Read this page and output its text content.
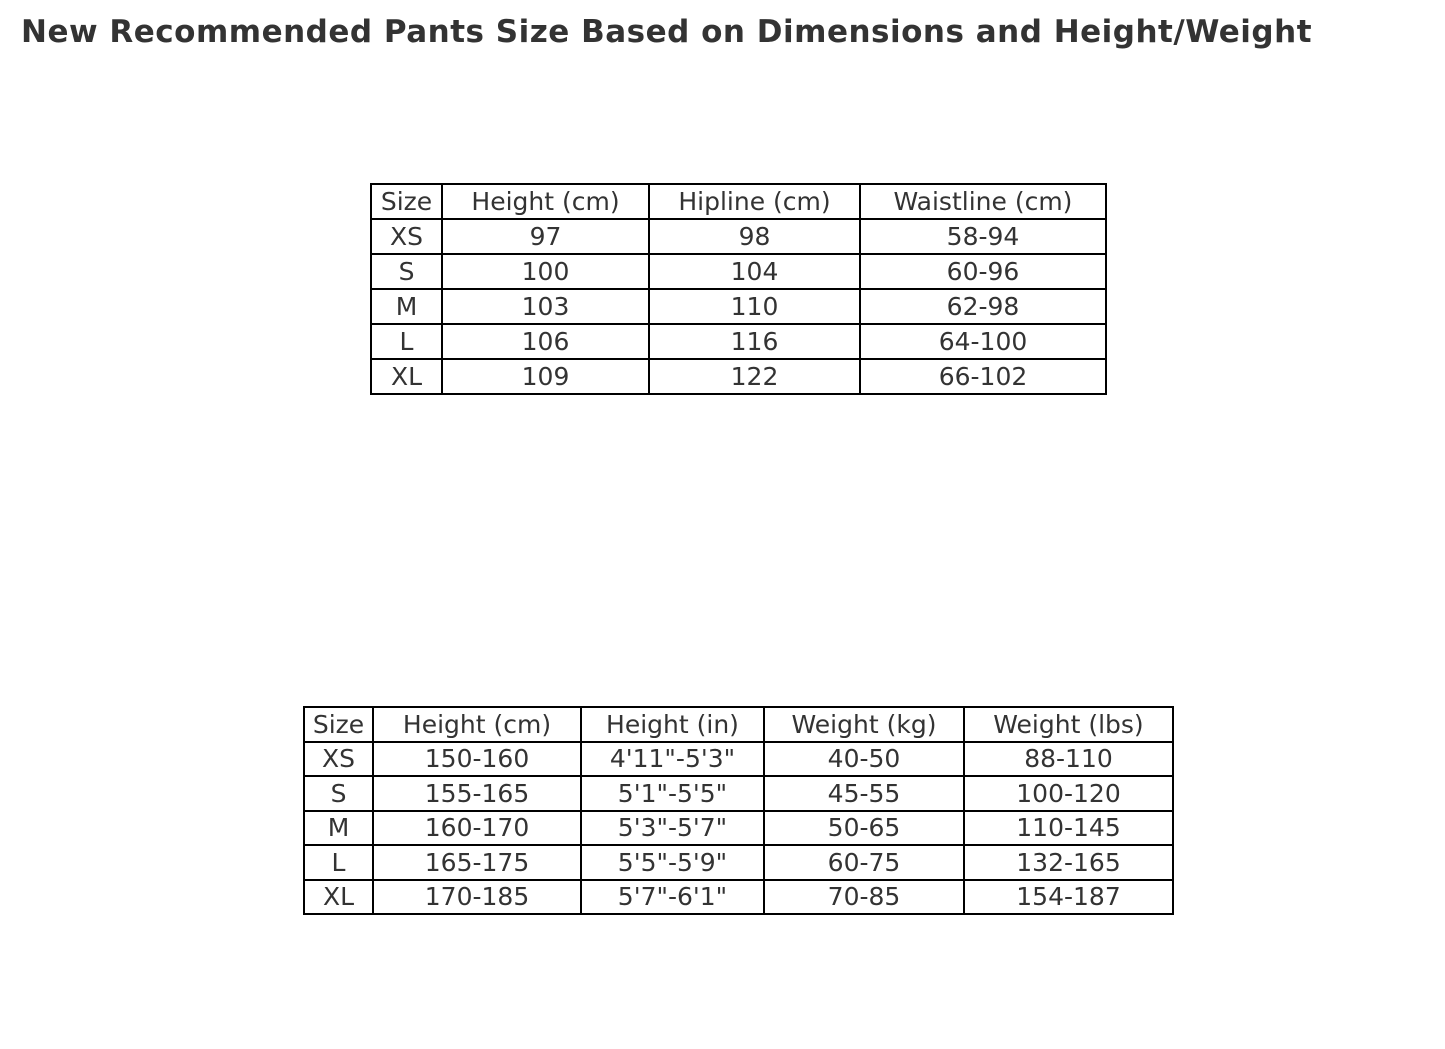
New Recommended Pants Size Based on Dimensions and Height/Weight
Size	Height (cm)	Hipline (cm)	Waistline (cm)
XS	97	98	58-94
S	100	104	60-96
M	103	110	62-98
L	106	116	64-100
XL	109	122	66-102
Size	Height (cm)	Height (in)	Weight (kg)	Weight (lbs)
XS	150-160	4'11"-5'3"	40-50	88-110
S	155-165	5'1"-5'5"	45-55	100-120
M	160-170	5'3"-5'7"	50-65	110-145
L	165-175	5'5"-5'9"	60-75	132-165
XL	170-185	5'7"-6'1"	70-85	154-187
